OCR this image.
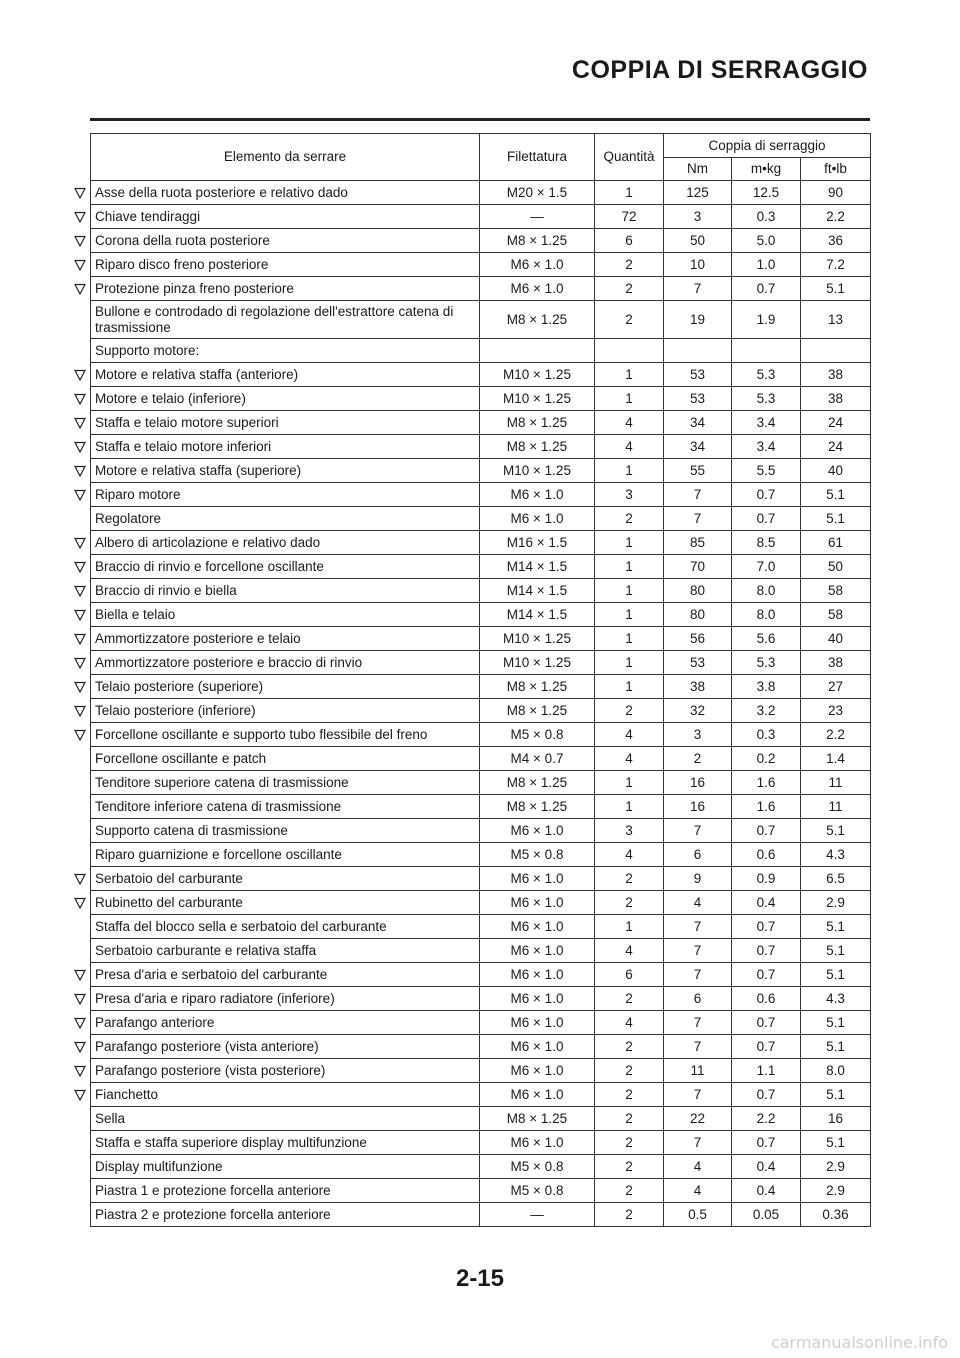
COPPIA DI SERRAGGIO
Elemento da serrare	Filettatura	Quantità	Coppia di serraggio		
			Nm	m•kg	ft•lb

Asse della ruota posteriore e relativo dado	M20 × 1.5	1	125	12.5	90

Chiave tendiraggi	—	72	3	0.3	2.2

Corona della ruota posteriore	M8 × 1.25	6	50	5.0	36

Riparo disco freno posteriore	M6 × 1.0	2	10	1.0	7.2

Protezione pinza freno posteriore	M6 × 1.0	2	7	0.7	5.1
Bullone e controdado di regolazione dell'estrattore catena di trasmissione	M8 × 1.25	2	19	1.9	13
Supporto motore:					

Motore e relativa staffa (anteriore)	M10 × 1.25	1	53	5.3	38

Motore e telaio (inferiore)	M10 × 1.25	1	53	5.3	38

Staffa e telaio motore superiori	M8 × 1.25	4	34	3.4	24

Staffa e telaio motore inferiori	M8 × 1.25	4	34	3.4	24

Motore e relativa staffa (superiore)	M10 × 1.25	1	55	5.5	40

Riparo motore	M6 × 1.0	3	7	0.7	5.1
Regolatore	M6 × 1.0	2	7	0.7	5.1

Albero di articolazione e relativo dado	M16 × 1.5	1	85	8.5	61

Braccio di rinvio e forcellone oscillante	M14 × 1.5	1	70	7.0	50

Braccio di rinvio e biella	M14 × 1.5	1	80	8.0	58

Biella e telaio	M14 × 1.5	1	80	8.0	58

Ammortizzatore posteriore e telaio	M10 × 1.25	1	56	5.6	40

Ammortizzatore posteriore e braccio di rinvio	M10 × 1.25	1	53	5.3	38

Telaio posteriore (superiore)	M8 × 1.25	1	38	3.8	27

Telaio posteriore (inferiore)	M8 × 1.25	2	32	3.2	23

Forcellone oscillante e supporto tubo flessibile del freno	M5 × 0.8	4	3	0.3	2.2
Forcellone oscillante e patch	M4 × 0.7	4	2	0.2	1.4
Tenditore superiore catena di trasmissione	M8 × 1.25	1	16	1.6	11
Tenditore inferiore catena di trasmissione	M8 × 1.25	1	16	1.6	11
Supporto catena di trasmissione	M6 × 1.0	3	7	0.7	5.1
Riparo guarnizione e forcellone oscillante	M5 × 0.8	4	6	0.6	4.3

Serbatoio del carburante	M6 × 1.0	2	9	0.9	6.5

Rubinetto del carburante	M6 × 1.0	2	4	0.4	2.9
Staffa del blocco sella e serbatoio del carburante	M6 × 1.0	1	7	0.7	5.1
Serbatoio carburante e relativa staffa	M6 × 1.0	4	7	0.7	5.1

Presa d'aria e serbatoio del carburante	M6 × 1.0	6	7	0.7	5.1

Presa d'aria e riparo radiatore (inferiore)	M6 × 1.0	2	6	0.6	4.3

Parafango anteriore	M6 × 1.0	4	7	0.7	5.1

Parafango posteriore (vista anteriore)	M6 × 1.0	2	7	0.7	5.1

Parafango posteriore (vista posteriore)	M6 × 1.0	2	11	1.1	8.0

Fianchetto	M6 × 1.0	2	7	0.7	5.1
Sella	M8 × 1.25	2	22	2.2	16
Staffa e staffa superiore display multifunzione	M6 × 1.0	2	7	0.7	5.1
Display multifunzione	M5 × 0.8	2	4	0.4	2.9
Piastra 1 e protezione forcella anteriore	M5 × 0.8	2	4	0.4	2.9
Piastra 2 e protezione forcella anteriore	—	2	0.5	0.05	0.36
2-15
carmanualsonline.info
